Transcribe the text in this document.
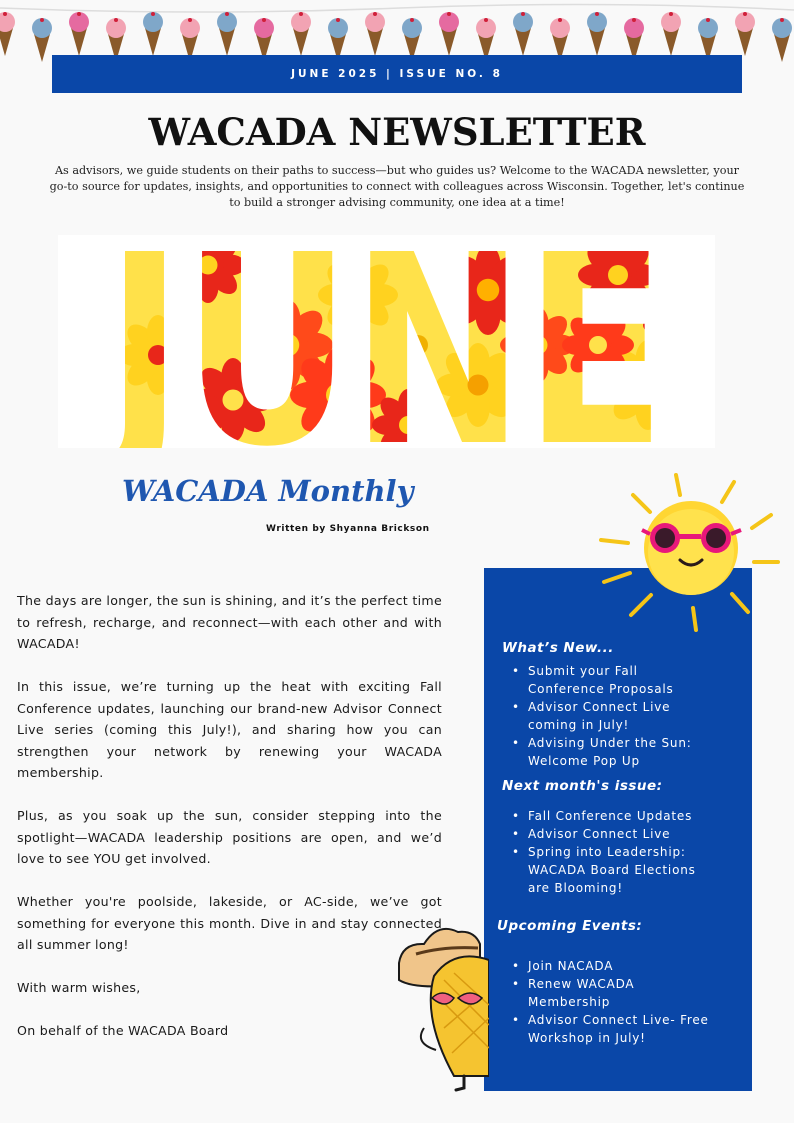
JUNE 2025 | ISSUE NO. 8
WACADA NEWSLETTER

As advisors, we guide students on their paths to success—but who guides us? Welcome to the WACADA newsletter, your go-to source for updates, insights, and opportunities to connect with colleagues across Wisconsin. Together, let's continue to build a stronger advising community, one idea at a time!

WACADA Monthly
Written by Shyanna Brickson

The days are longer, the sun is shining, and it’s the perfect time to refresh, recharge, and reconnect—with each other and with WACADA!

In this issue, we’re turning up the heat with exciting Fall Conference updates, launching our brand-new Advisor Connect Live series (coming this July!), and sharing how you can strengthen your network by renewing your WACADA membership.

Plus, as you soak up the sun, consider stepping into the spotlight—WACADA leadership positions are open, and we’d love to see YOU get involved.

Whether you're poolside, lakeside, or AC-side, we’ve got something for everyone this month. Dive in and stay connected all summer long!

With warm wishes,

On behalf of the WACADA Board

What’s New...
• Submit your Fall Conference Proposals
• Advisor Connect Live coming in July!
• Advising Under the Sun: Welcome Pop Up
Next month's issue:
• Fall Conference Updates
• Advisor Connect Live
• Spring into Leadership: WACADA Board Elections are Blooming!
Upcoming Events:
• Join NACADA
• Renew WACADA Membership
• Advisor Connect Live- Free Workshop in July!
